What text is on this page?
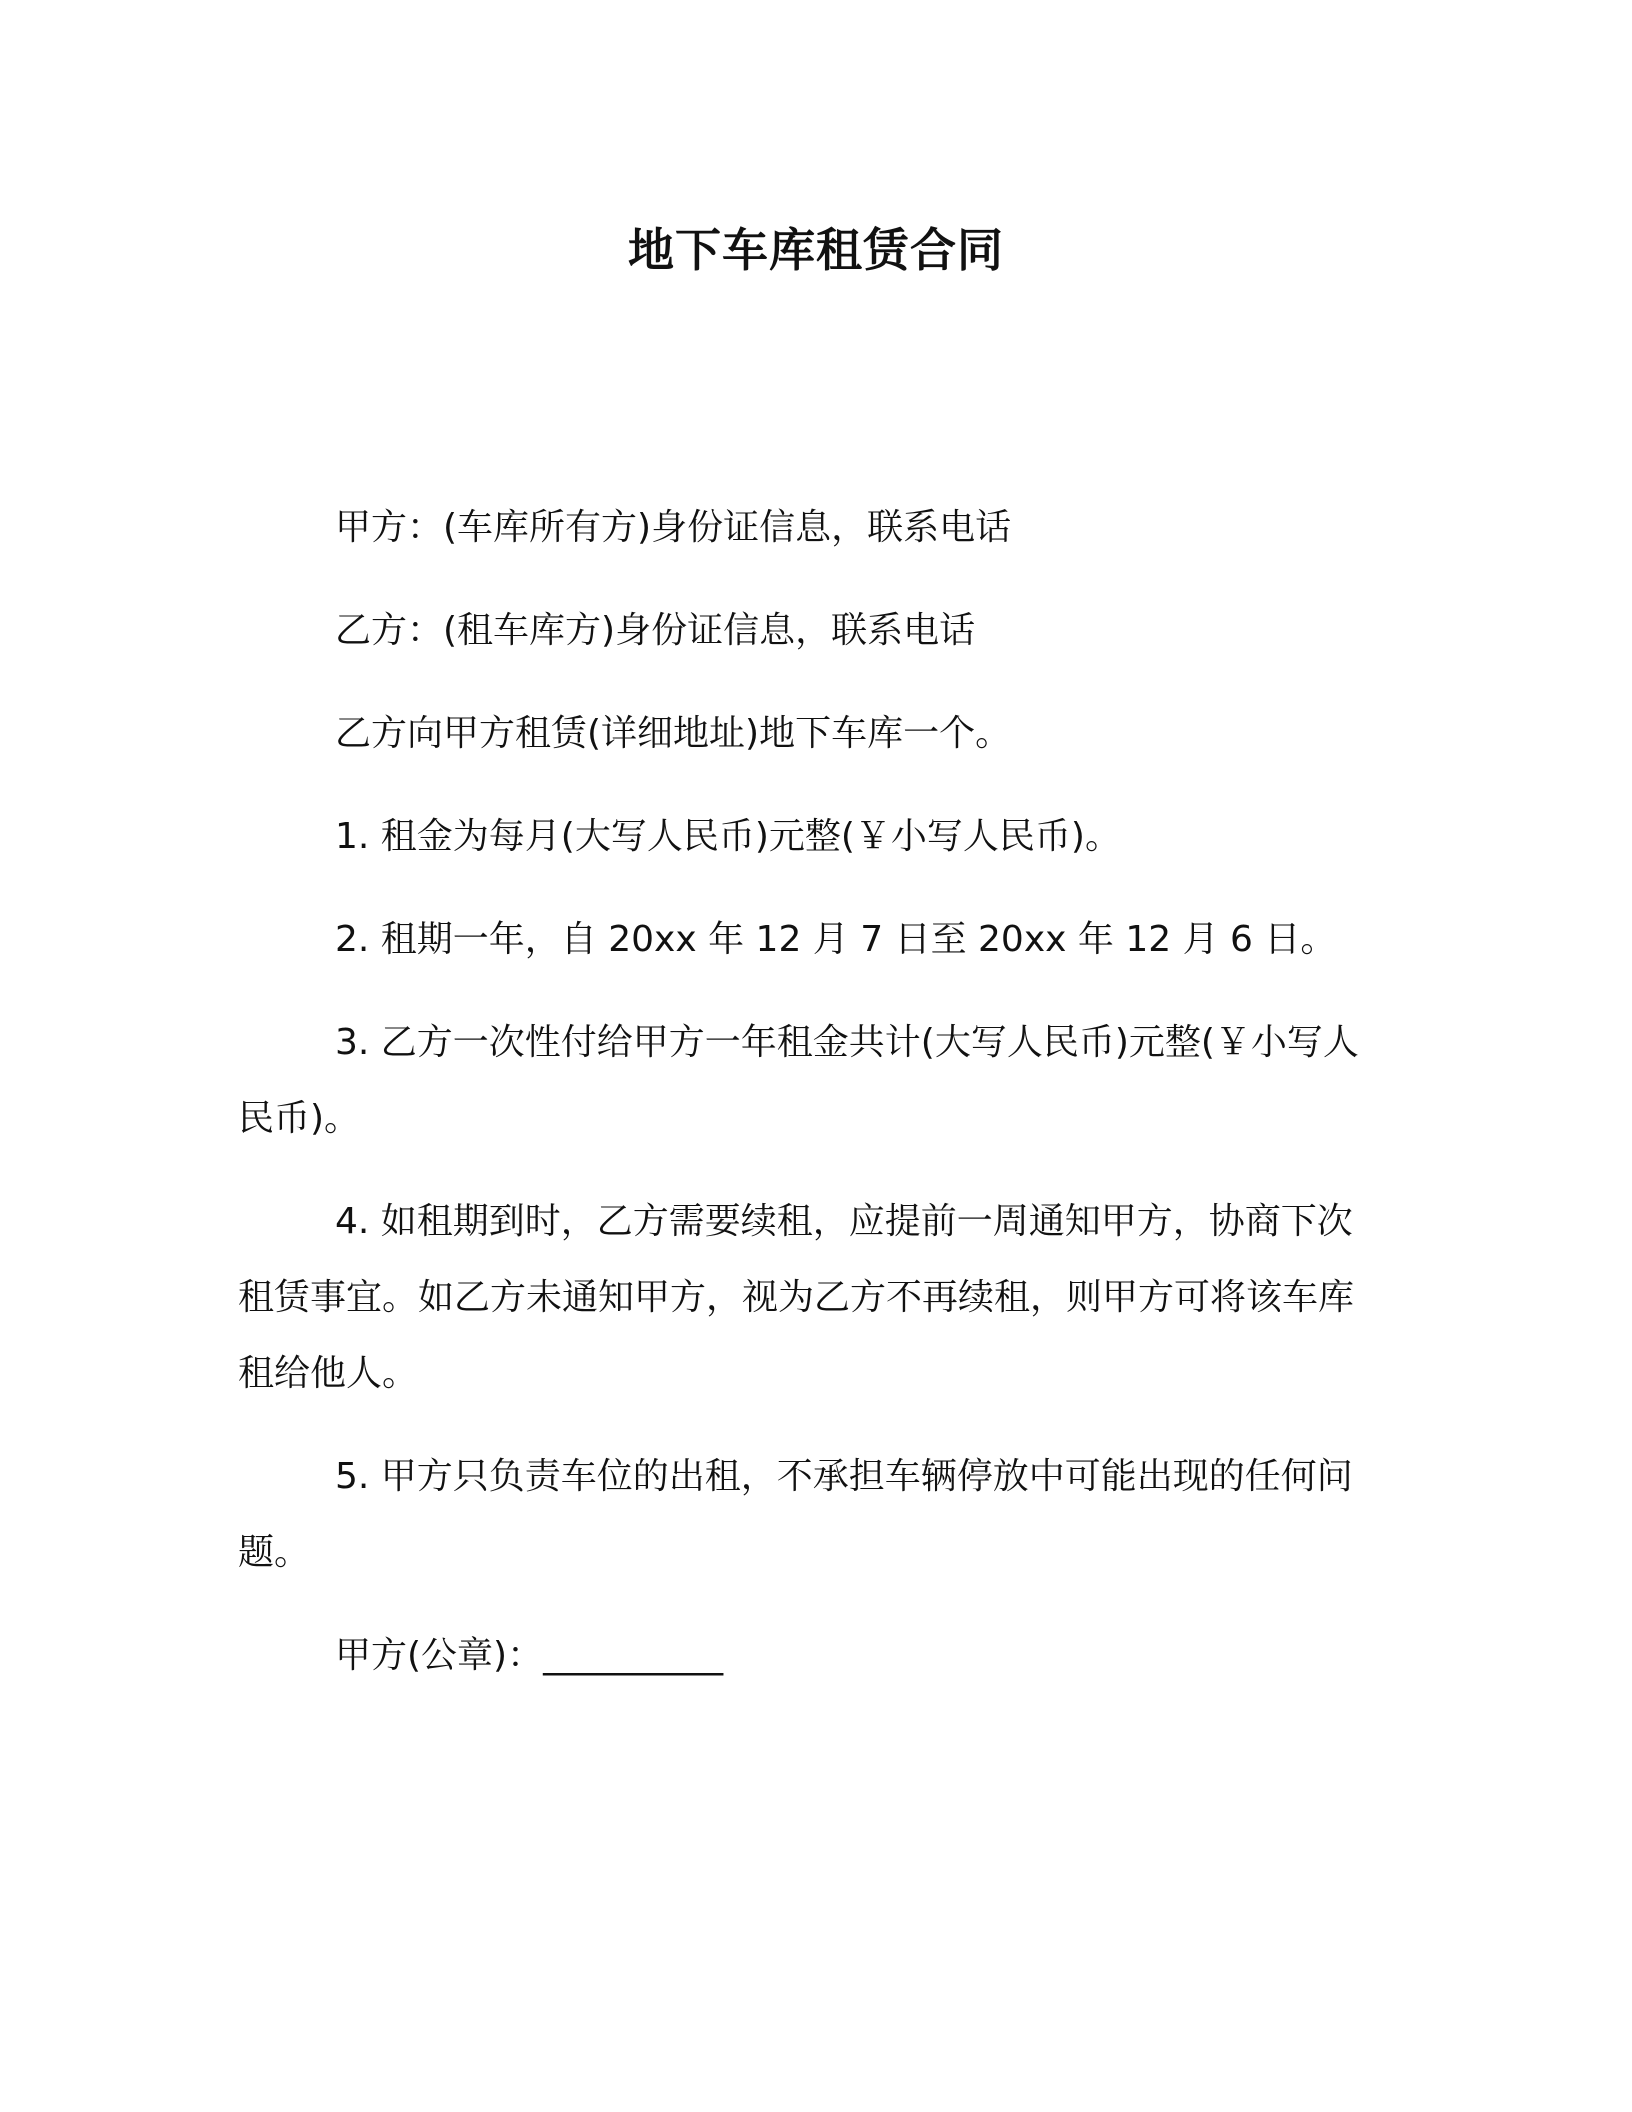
地下车库租赁合同

甲方：(车库所有方)身份证信息，联系电话

乙方：(租车库方)身份证信息，联系电话

乙方向甲方租赁(详细地址)地下车库一个。

1. 租金为每月(大写人民币)元整(￥小写人民币)。

2. 租期一年，自 20xx 年 12 月 7 日至 20xx 年 12 月 6 日。

3. 乙方一次性付给甲方一年租金共计(大写人民币)元整(￥小写人民币)。

4. 如租期到时，乙方需要续租，应提前一周通知甲方，协商下次租赁事宜。如乙方未通知甲方，视为乙方不再续租，则甲方可将该车库租给他人。

5. 甲方只负责车位的出租，不承担车辆停放中可能出现的任何问题。

甲方(公章)：__________
